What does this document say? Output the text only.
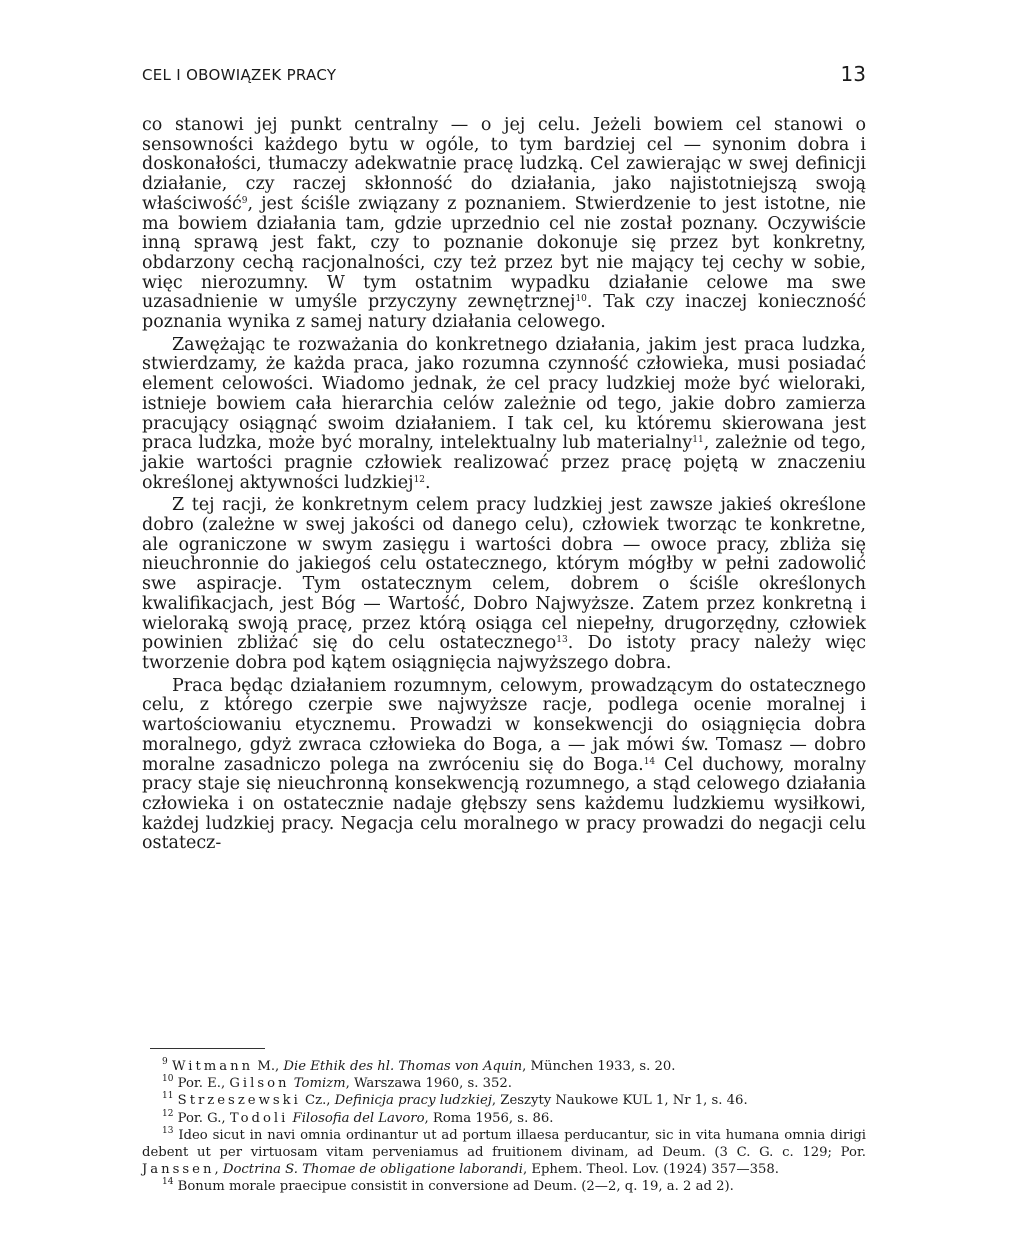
CEL I OBOWIĄZEK PRACY	13

co stanowi jej punkt centralny — o jej celu. Jeżeli bowiem cel stanowi o sensowności każdego bytu w ogóle, to tym bardziej cel — synonim dobra i doskonałości, tłumaczy adekwatnie pracę ludzką. Cel zawierając w swej definicji działanie, czy raczej skłonność do działania, jako najistotniejszą swoją właściwość$^9$, jest ściśle związany z poznaniem. Stwierdzenie to jest istotne, nie ma bowiem działania tam, gdzie uprzednio cel nie został poznany. Oczywiście inną sprawą jest fakt, czy to poznanie dokonuje się przez byt konkretny, obdarzony cechą racjonalności, czy też przez byt nie mający tej cechy w sobie, więc nierozumny. W tym ostatnim wypadku działanie celowe ma swe uzasadnienie w umyśle przyczyny zewnętrznej$^{10}$. Tak czy inaczej konieczność poznania wynika z samej natury działania celowego.

Zawężając te rozważania do konkretnego działania, jakim jest praca ludzka, stwierdzamy, że każda praca, jako rozumna czynność człowieka, musi posiadać element celowości. Wiadomo jednak, że cel pracy ludzkiej może być wieloraki, istnieje bowiem cała hierarchia celów zależnie od tego, jakie dobro zamierza pracujący osiągnąć swoim działaniem. I tak cel, ku któremu skierowana jest praca ludzka, może być moralny, intelektualny lub materialny$^{11}$, zależnie od tego, jakie wartości pragnie człowiek realizować przez pracę pojętą w znaczeniu określonej aktywności ludzkiej$^{12}$.

Z tej racji, że konkretnym celem pracy ludzkiej jest zawsze jakieś określone dobro (zależne w swej jakości od danego celu), człowiek tworząc te konkretne, ale ograniczone w swym zasięgu i wartości dobra — owoce pracy, zbliża się nieuchronnie do jakiegoś celu ostatecznego, którym mógłby w pełni zadowolić swe aspiracje. Tym ostatecznym celem, dobrem o ściśle określonych kwalifikacjach, jest Bóg — Wartość, Dobro Najwyższe. Zatem przez konkretną i wieloraką swoją pracę, przez którą osiąga cel niepełny, drugorzędny, człowiek powinien zbliżać się do celu ostatecznego$^{13}$. Do istoty pracy należy więc tworzenie dobra pod kątem osiągnięcia najwyższego dobra.

Praca będąc działaniem rozumnym, celowym, prowadzącym do ostatecznego celu, z którego czerpie swe najwyższe racje, podlega ocenie moralnej i wartościowaniu etycznemu. Prowadzi w konsekwencji do osiągnięcia dobra moralnego, gdyż zwraca człowieka do Boga, a — jak mówi św. Tomasz — dobro moralne zasadniczo polega na zwróceniu się do Boga.$^{14}$ Cel duchowy, moralny pracy staje się nieuchronną konsekwencją rozumnego, a stąd celowego działania człowieka i on ostatecznie nadaje głębszy sens każdemu ludzkiemu wysiłkowi, każdej ludzkiej pracy. Negacja celu moralnego w pracy prowadzi do negacji celu ostatecz-

$^9$ Witmann M., Die Ethik des hl. Thomas von Aquin, München 1933, s. 20.

$^{10}$ Por. E., Gilson Tomizm, Warszawa 1960, s. 352.

$^{11}$ Strzeszewski Cz., Definicja pracy ludzkiej, Zeszyty Naukowe KUL 1, Nr 1, s. 46.

$^{12}$ Por. G., Todoli Filosofia del Lavoro, Roma 1956, s. 86.

$^{13}$ Ideo sicut in navi omnia ordinantur ut ad portum illaesa perducantur, sic in vita humana omnia dirigi debent ut per virtuosam vitam perveniamus ad fruitionem divinam, ad Deum. (3 C. G. c. 129; Por. Janssen, Doctrina S. Thomae de obligatione laborandi, Ephem. Theol. Lov. (1924) 357—358.

$^{14}$ Bonum morale praecipue consistit in conversione ad Deum. (2—2, q. 19, a. 2 ad 2).
